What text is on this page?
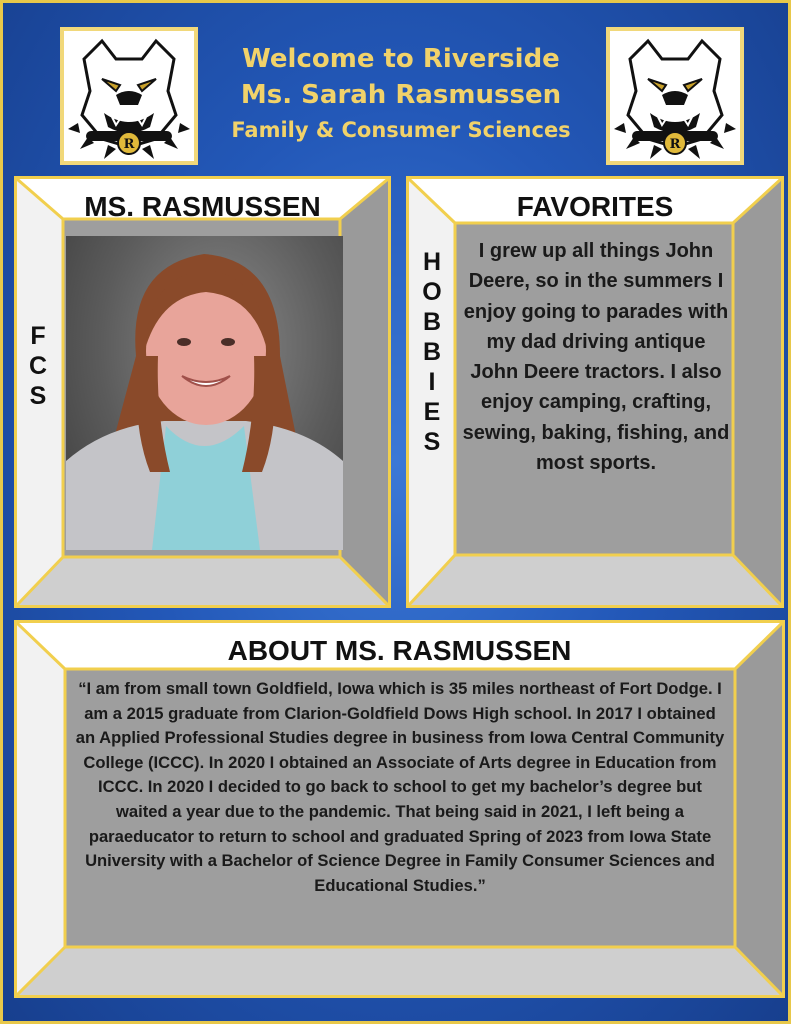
R
Welcome to Riverside
Ms. Sarah Rasmussen
Family & Consumer Sciences
R
MS. RASMUSSEN
F
C
S
FAVORITES
H
O
B
B
I
E
S
I grew up all things John Deere, so in the summers I enjoy going to parades with my dad driving antique John Deere tractors. I also enjoy camping, crafting, sewing, baking, fishing, and most sports.
ABOUT MS. RASMUSSEN
“I am from small town Goldfield, Iowa which is 35 miles northeast of Fort Dodge. I am a 2015 graduate from Clarion-Goldfield Dows High school. In 2017 I obtained an Applied Professional Studies degree in business from Iowa Central Community College (ICCC). In 2020 I obtained an Associate of Arts degree in Education from ICCC. In 2020 I decided to go back to school to get my bachelor’s degree but waited a year due to the pandemic. That being said in 2021, I left being a paraeducator to return to school and graduated Spring of 2023 from Iowa State University with a Bachelor of Science Degree in Family Consumer Sciences and Educational Studies.”
